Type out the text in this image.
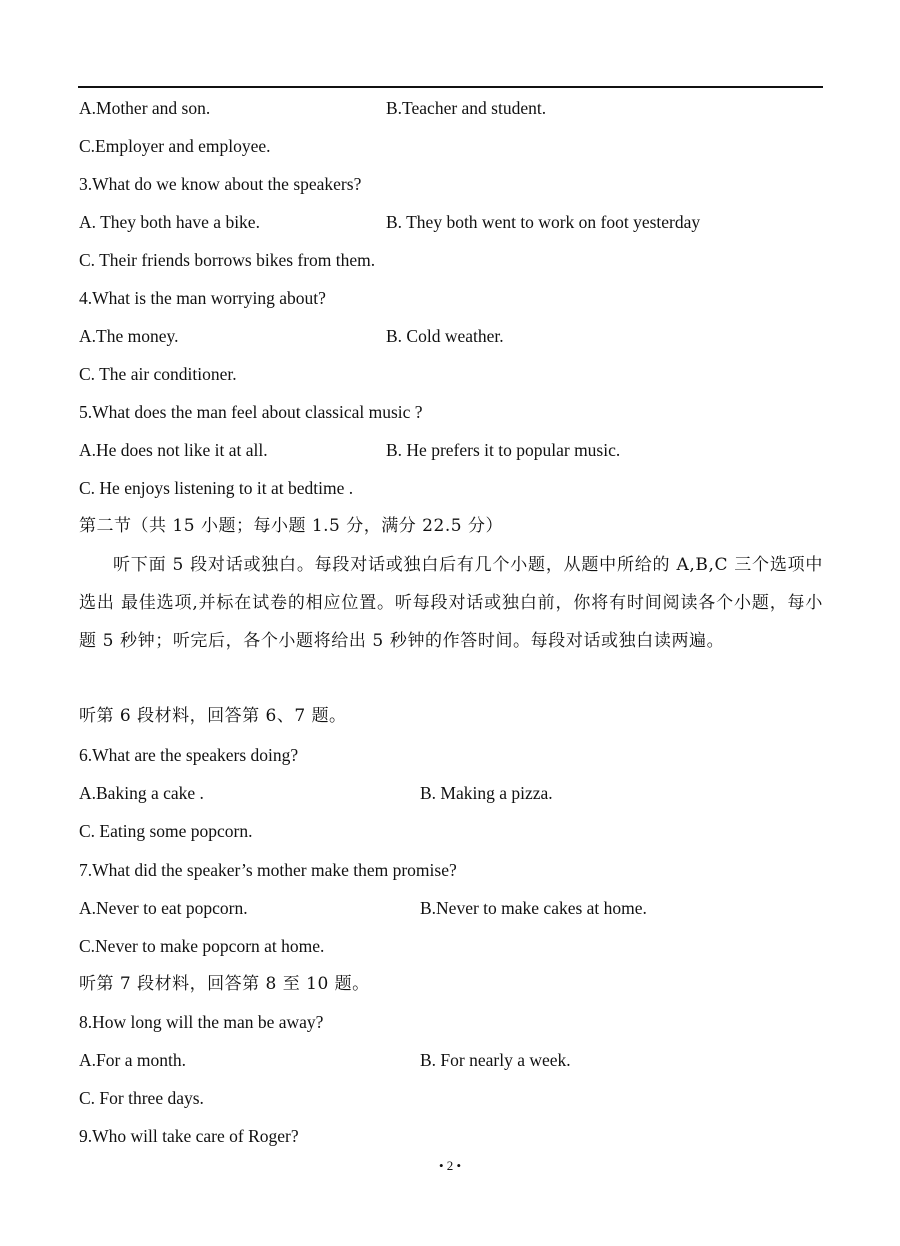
A.Mother and son.	B.Teacher and student.
C.Employer and employee.
3.What do we know about the speakers?
A. They both have a bike.	B. They both went to work on foot yesterday
C. Their friends borrows bikes from them.
4.What is the man worrying about?
A.The money.	B. Cold weather.
C. The air conditioner.
5.What does the man feel about classical music ?
A.He does not like it at all.	B. He prefers it to popular music.
C. He enjoys listening to it at bedtime .
第二节（共 15 小题；每小题 1.5 分，满分 22.5 分）
听下面 5 段对话或独白。每段对话或独白后有几个小题，从题中所给的 A,B,C 三个选项中选出 最佳选项,并标在试卷的相应位置。听每段对话或独白前，你将有时间阅读各个小题，每小题 5 秒钟；听完后，各个小题将给出 5 秒钟的作答时间。每段对话或独白读两遍。
听第 6 段材料，回答第 6、7 题。
6.What are the speakers doing?
A.Baking a cake .	B. Making a pizza.
C. Eating some popcorn.
7.What did the speaker’s mother make them promise?
A.Never to eat popcorn.	B.Never to make cakes at home.
C.Never to make popcorn at home.
听第 7 段材料，回答第 8 至 10 题。
8.How long will the man be away?
A.For a month.	B. For nearly a week.
C. For three days.
9.Who will take care of Roger?
• 2 •
